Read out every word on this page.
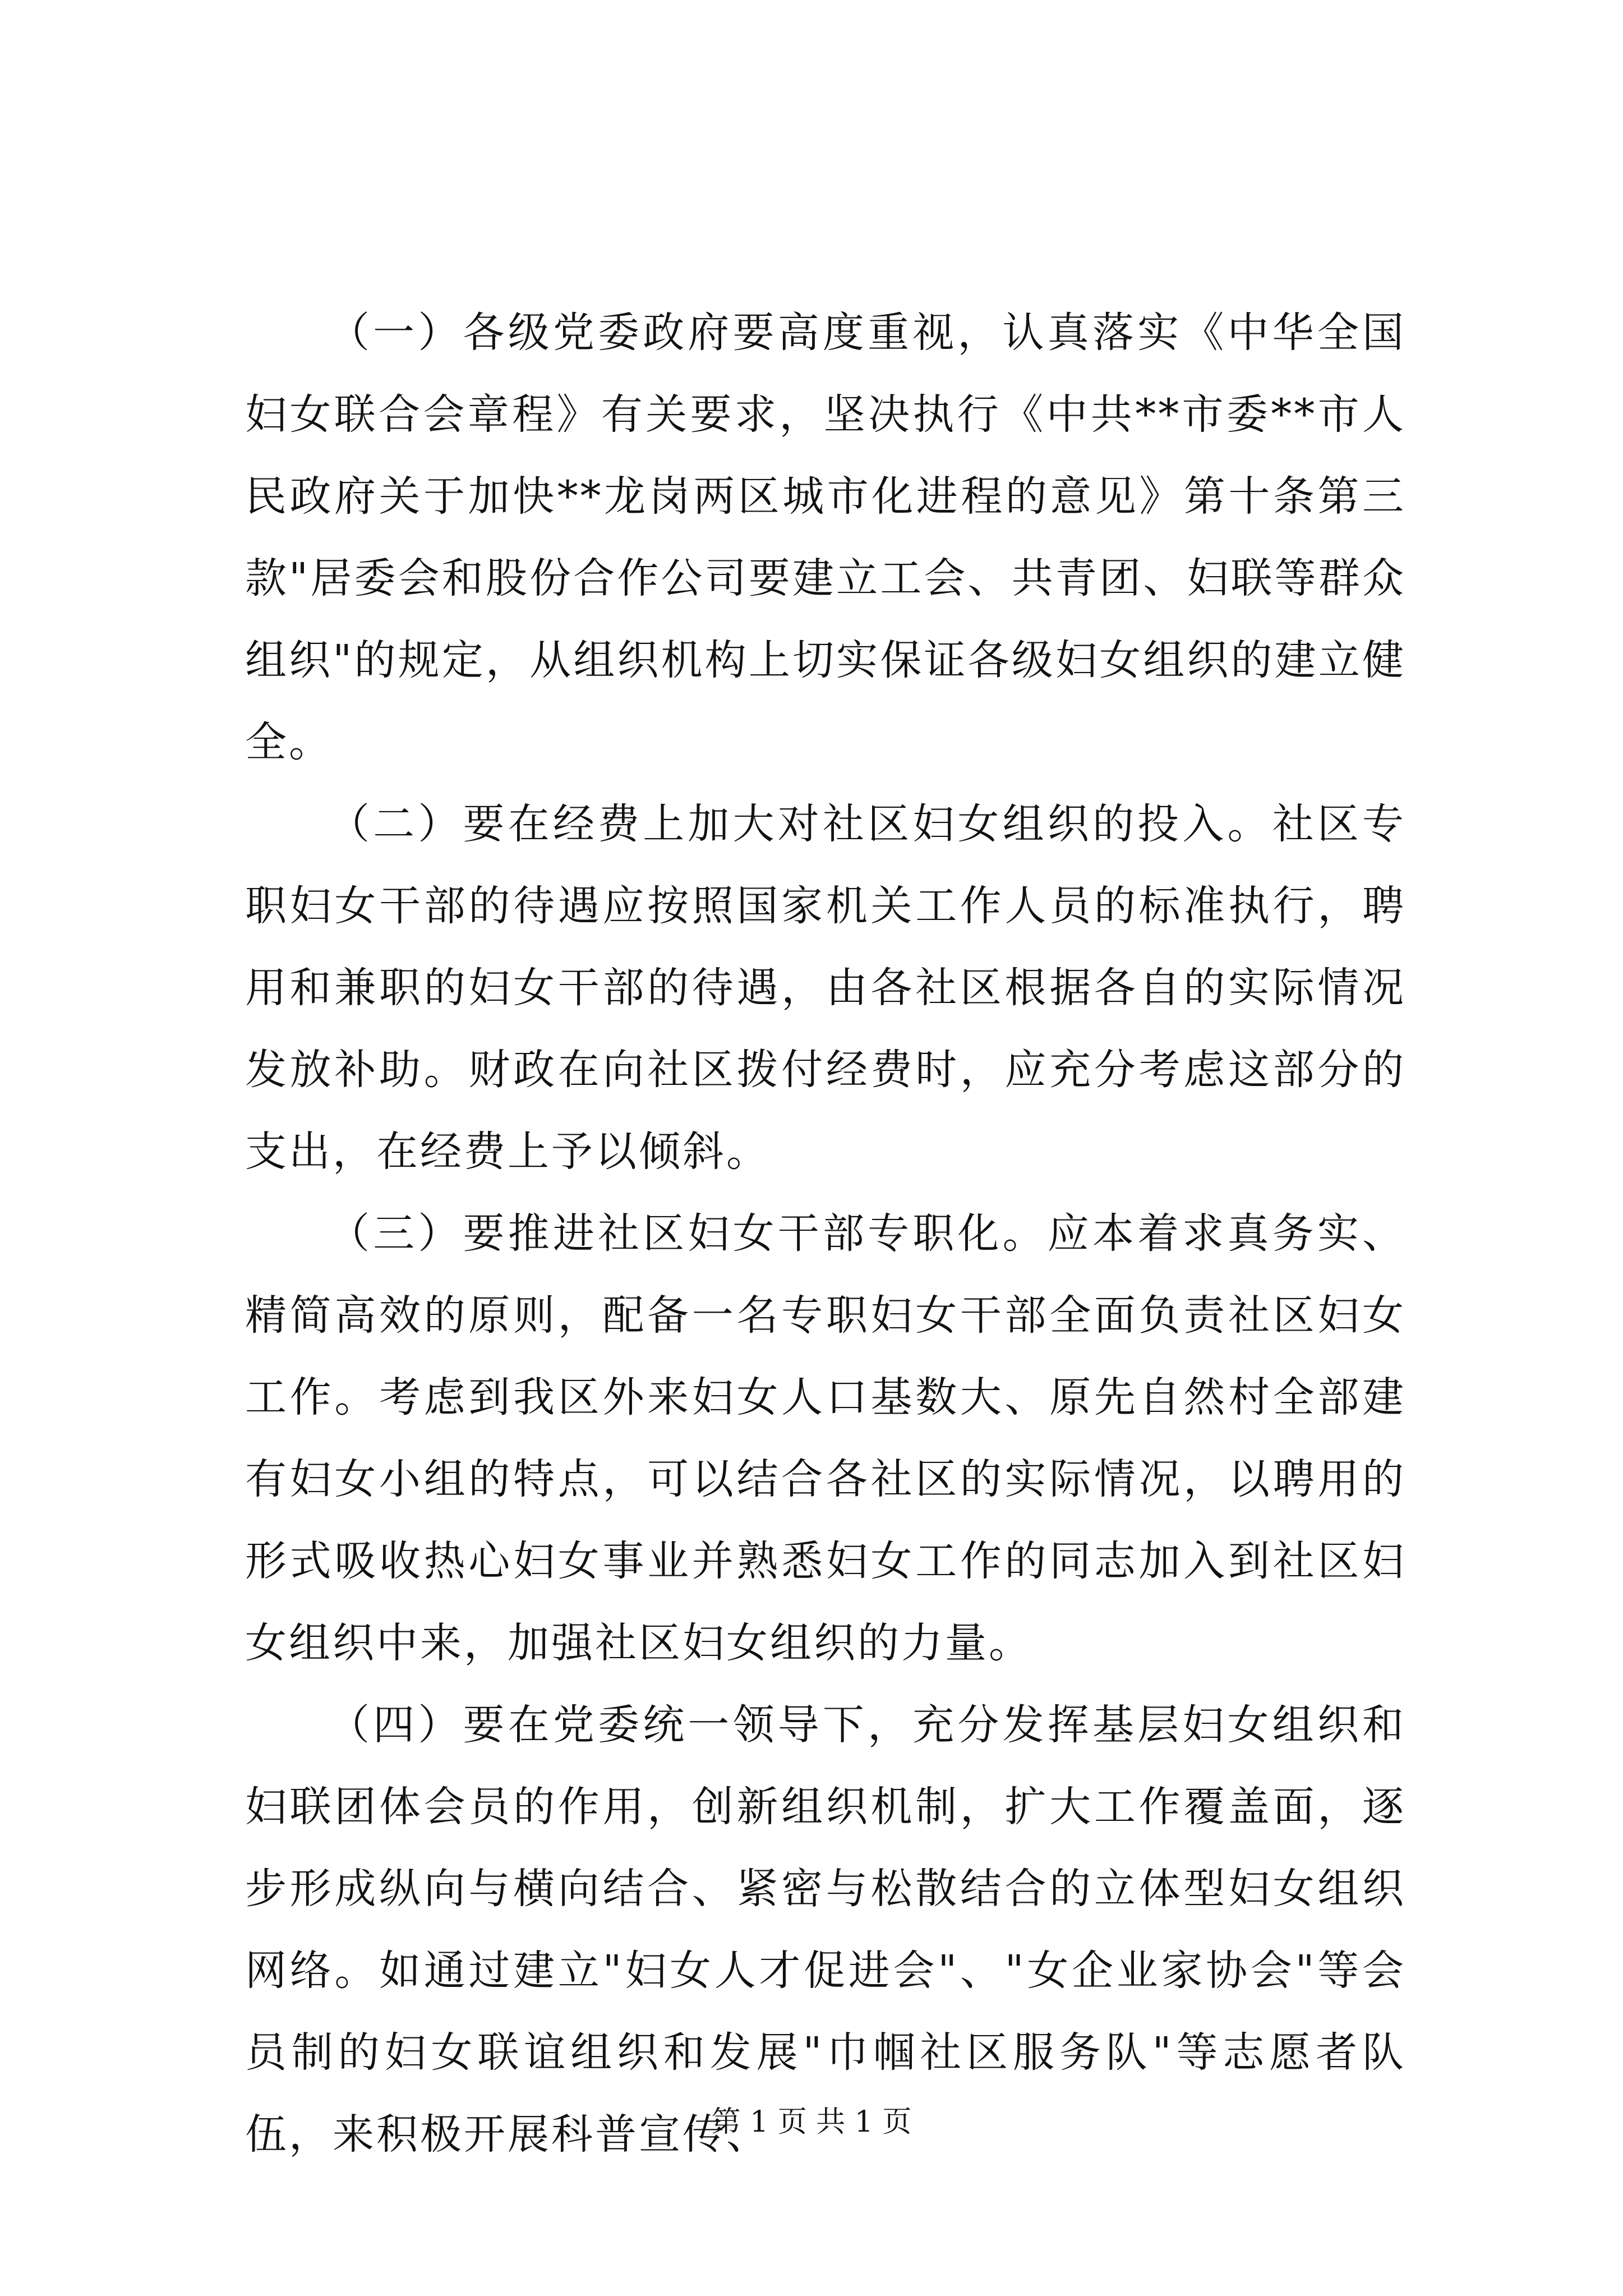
（一）各级党委政府要高度重视，认真落实《中华全国妇女联合会章程》有关要求，坚决执行《中共**市委**市人民政府关于加快**龙岗两区城市化进程的意见》第十条第三款"居委会和股份合作公司要建立工会、共青团、妇联等群众组织"的规定，从组织机构上切实保证各级妇女组织的建立健全。

（二）要在经费上加大对社区妇女组织的投入。社区专职妇女干部的待遇应按照国家机关工作人员的标准执行，聘用和兼职的妇女干部的待遇，由各社区根据各自的实际情况发放补助。财政在向社区拨付经费时，应充分考虑这部分的支出，在经费上予以倾斜。

（三）要推进社区妇女干部专职化。应本着求真务实、精简高效的原则，配备一名专职妇女干部全面负责社区妇女工作。考虑到我区外来妇女人口基数大、原先自然村全部建有妇女小组的特点，可以结合各社区的实际情况，以聘用的形式吸收热心妇女事业并熟悉妇女工作的同志加入到社区妇女组织中来，加强社区妇女组织的力量。

（四）要在党委统一领导下，充分发挥基层妇女组织和妇联团体会员的作用，创新组织机制，扩大工作覆盖面，逐步形成纵向与横向结合、紧密与松散结合的立体型妇女组织网络。如通过建立"妇女人才促进会"、"女企业家协会"等会员制的妇女联谊组织和发展"巾帼社区服务队"等志愿者队伍，来积极开展科普宣传、

第 1 页 共 1 页
